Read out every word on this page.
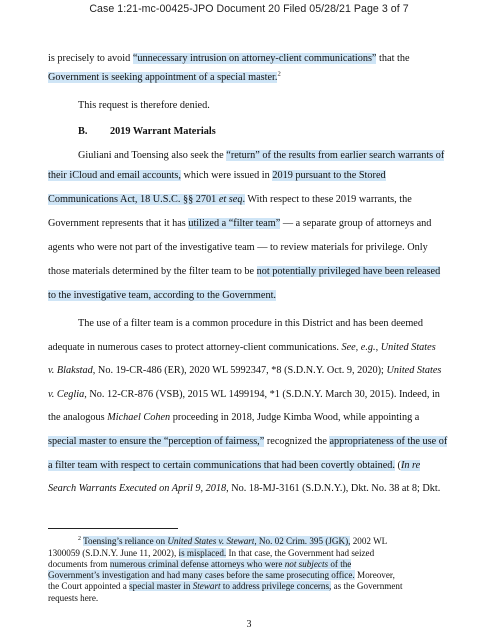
Case 1:21-mc-00425-JPO Document 20 Filed 05/28/21 Page 3 of 7
is precisely to avoid “unnecessary intrusion on attorney-client communications” that the
Government is seeking appointment of a special master.$^2$
This request is therefore denied.
B. 2019 Warrant Materials
Giuliani and Toensing also seek the “return” of the results from earlier search warrants of
their iCloud and email accounts, which were issued in 2019 pursuant to the Stored
Communications Act, 18 U.S.C. §§ 2701 et seq. With respect to these 2019 warrants, the
Government represents that it has utilized a “filter team” — a separate group of attorneys and
agents who were not part of the investigative team — to review materials for privilege. Only
those materials determined by the filter team to be not potentially privileged have been released
to the investigative team, according to the Government.
The use of a filter team is a common procedure in this District and has been deemed
adequate in numerous cases to protect attorney-client communications. See, e.g., United States
v. Blakstad, No. 19-CR-486 (ER), 2020 WL 5992347, *8 (S.D.N.Y. Oct. 9, 2020); United States
v. Ceglia, No. 12-CR-876 (VSB), 2015 WL 1499194, *1 (S.D.N.Y. March 30, 2015). Indeed, in
the analogous Michael Cohen proceeding in 2018, Judge Kimba Wood, while appointing a
special master to ensure the “perception of fairness,” recognized the appropriateness of the use of
a filter team with respect to certain communications that had been covertly obtained. (In re
Search Warrants Executed on April 9, 2018, No. 18-MJ-3161 (S.D.N.Y.), Dkt. No. 38 at 8; Dkt.
$^2$ Toensing’s reliance on United States v. Stewart, No. 02 Crim. 395 (JGK), 2002 WL
1300059 (S.D.N.Y. June 11, 2002), is misplaced. In that case, the Government had seized
documents from numerous criminal defense attorneys who were not subjects of the
Government’s investigation and had many cases before the same prosecuting office. Moreover,
the Court appointed a special master in Stewart to address privilege concerns, as the Government
requests here.
3
